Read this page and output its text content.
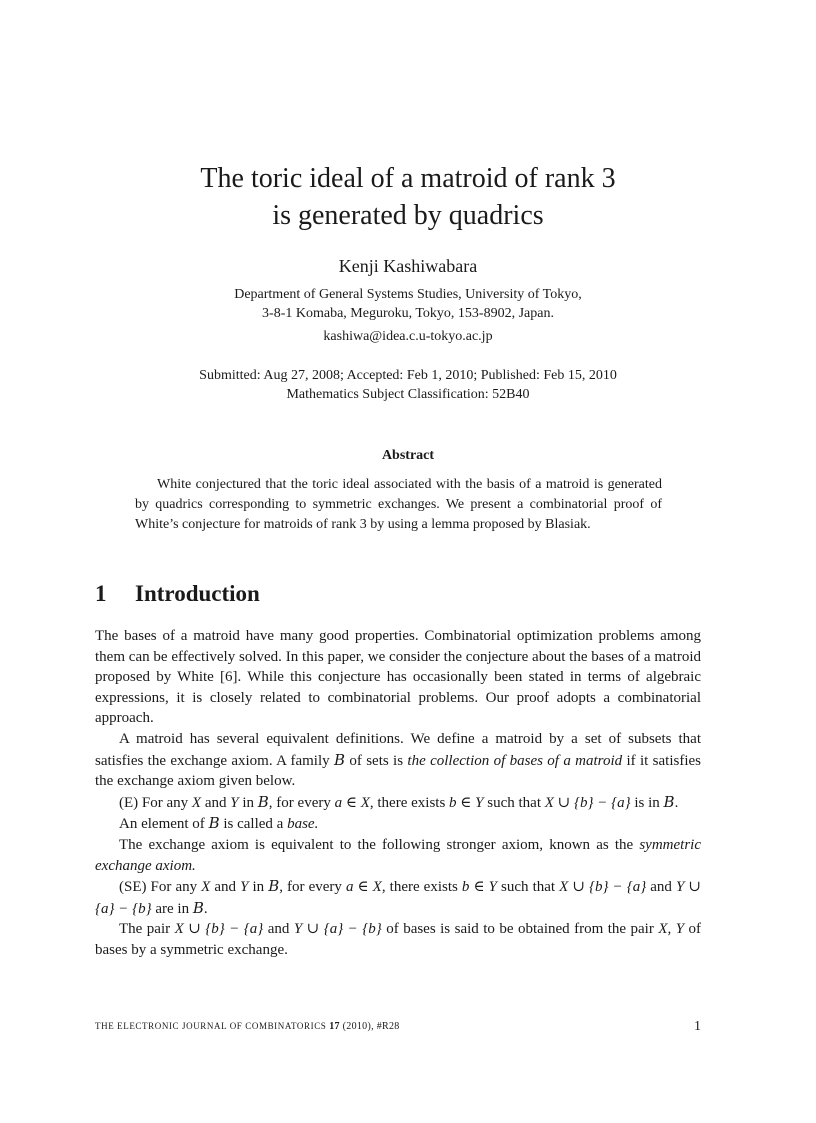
The toric ideal of a matroid of rank 3
is generated by quadrics
Kenji Kashiwabara
Department of General Systems Studies, University of Tokyo,
3-8-1 Komaba, Meguroku, Tokyo, 153-8902, Japan.
kashiwa@idea.c.u-tokyo.ac.jp
Submitted: Aug 27, 2008; Accepted: Feb 1, 2010; Published: Feb 15, 2010
Mathematics Subject Classification: 52B40
Abstract

White conjectured that the toric ideal associated with the basis of a matroid is generated by quadrics corresponding to symmetric exchanges. We present a combinatorial proof of White’s conjecture for matroids of rank 3 by using a lemma proposed by Blasiak.

1 Introduction

The bases of a matroid have many good properties. Combinatorial optimization problems among them can be effectively solved. In this paper, we consider the conjecture about the bases of a matroid proposed by White [6]. While this conjecture has occasionally been stated in terms of algebraic expressions, it is closely related to combinatorial problems. Our proof adopts a combinatorial approach.

A matroid has several equivalent definitions. We define a matroid by a set of subsets that satisfies the exchange axiom. A family B of sets is the collection of bases of a matroid if it satisfies the exchange axiom given below.

(E) For any X and Y in B, for every a ∈ X, there exists b ∈ Y such that X ∪ {b} − {a} is in B.

An element of B is called a base.

The exchange axiom is equivalent to the following stronger axiom, known as the symmetric exchange axiom.

(SE) For any X and Y in B, for every a ∈ X, there exists b ∈ Y such that X ∪ {b} − {a} and Y ∪ {a} − {b} are in B.

The pair X ∪ {b} − {a} and Y ∪ {a} − {b} of bases is said to be obtained from the pair X, Y of bases by a symmetric exchange.

THE ELECTRONIC JOURNAL OF COMBINATORICS 17 (2010), #R28	1
